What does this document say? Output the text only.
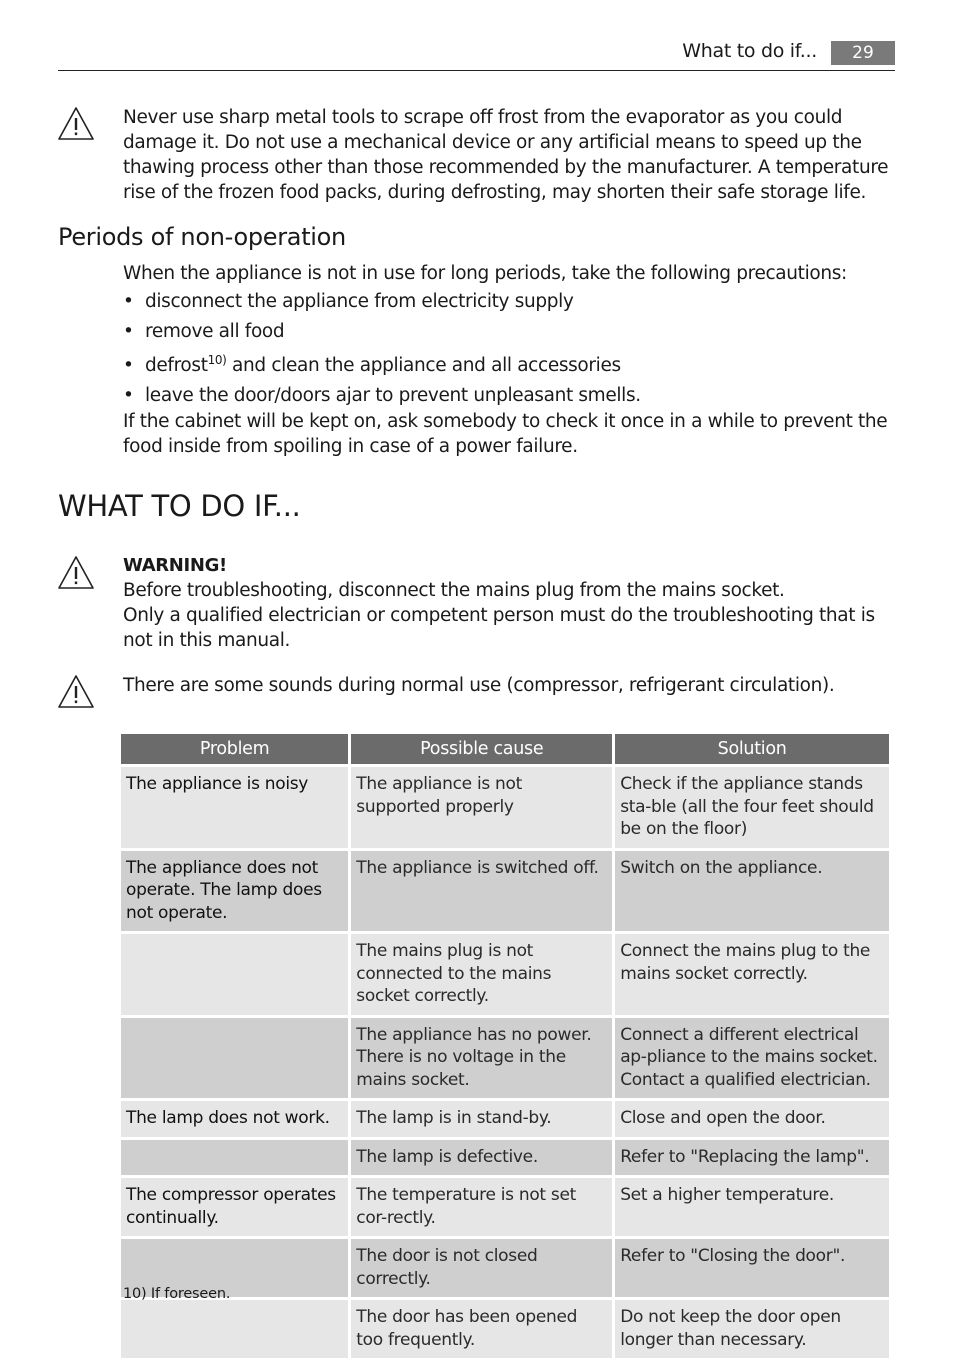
What to do if...	29
Never use sharp metal tools to scrape off frost from the evaporator as you could damage it. Do not use a mechanical device or any artificial means to speed up the thawing process other than those recommended by the manufacturer. A temperature rise of the frozen food packs, during defrosting, may shorten their safe storage life.
Periods of non-operation
When the appliance is not in use for long periods, take the following precautions:
• disconnect the appliance from electricity supply
• remove all food
• defrost$^{10)}$ and clean the appliance and all accessories
• leave the door/doors ajar to prevent unpleasant smells.
If the cabinet will be kept on, ask somebody to check it once in a while to prevent the food inside from spoiling in case of a power failure.
WHAT TO DO IF...
WARNING!
Before troubleshooting, disconnect the mains plug from the mains socket.
Only a qualified electrician or competent person must do the troubleshooting that is not in this manual.
There are some sounds during normal use (compressor, refrigerant circulation).
Problem	Possible cause	Solution
The appliance is noisy	The appliance is not supported properly	Check if the appliance stands sta-ble (all the four feet should be on the floor)
The appliance does not operate. The lamp does not operate.	The appliance is switched off.	Switch on the appliance.
	The mains plug is not connected to the mains socket correctly.	Connect the mains plug to the mains socket correctly.
	The appliance has no power. There is no voltage in the mains socket.	Connect a different electrical ap-pliance to the mains socket. Contact a qualified electrician.
The lamp does not work.	The lamp is in stand-by.	Close and open the door.
	The lamp is defective.	Refer to "Replacing the lamp".
The compressor operates continually.	The temperature is not set cor-rectly.	Set a higher temperature.
	The door is not closed correctly.	Refer to "Closing the door".
	The door has been opened too frequently.	Do not keep the door open longer than necessary.
10) If foreseen.
